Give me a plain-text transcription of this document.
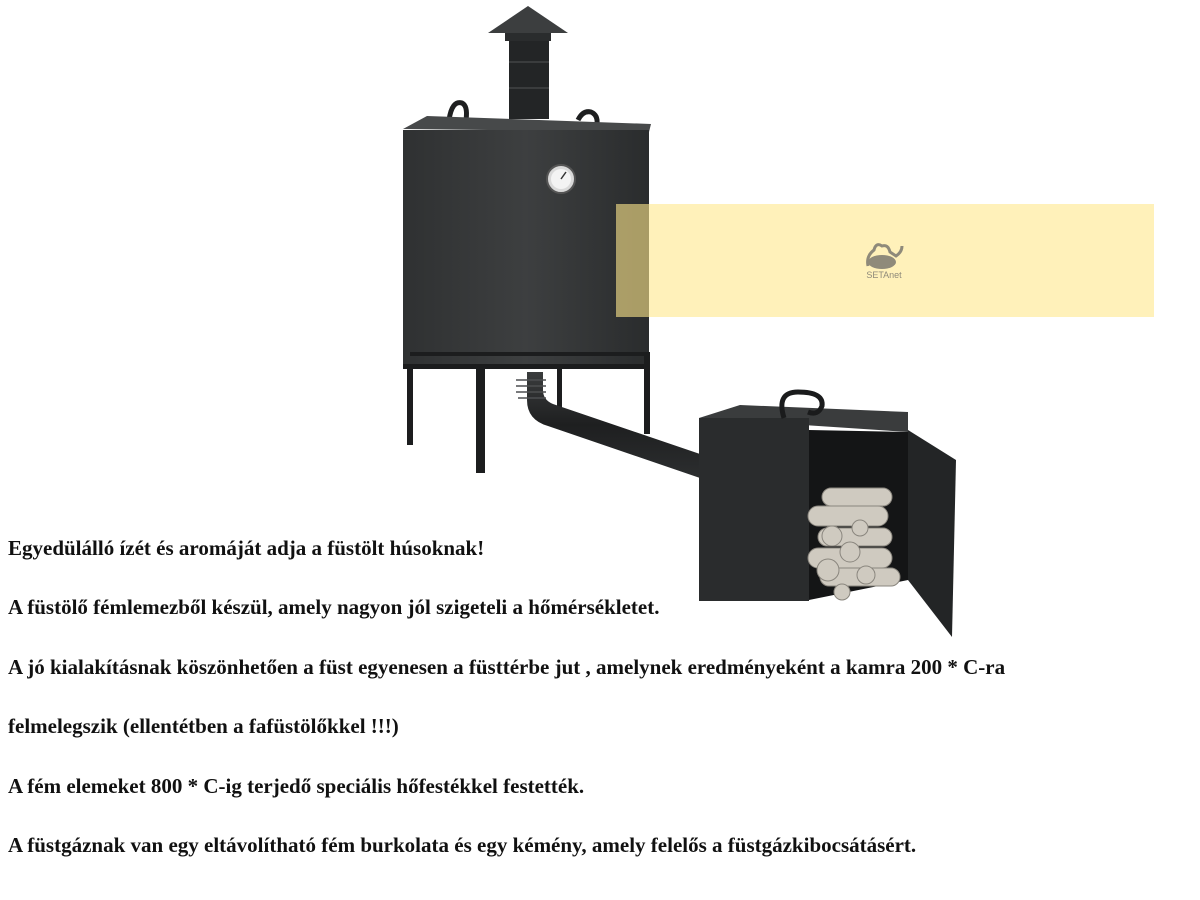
SETAnet

Egyedülálló ízét és aromáját adja a füstölt húsoknak!

A füstölő fémlemezből készül, amely nagyon jól szigeteli a hőmérsékletet.

A jó kialakításnak köszönhetően a füst egyenesen a füsttérbe jut , amelynek eredményeként a kamra 200 * C-ra

felmelegszik (ellentétben a fafüstölőkkel !!!)

A fém elemeket 800 * C-ig terjedő speciális hőfestékkel festették.

A füstgáznak van egy eltávolítható fém burkolata és egy kémény, amely felelős a füstgázkibocsátásért.
